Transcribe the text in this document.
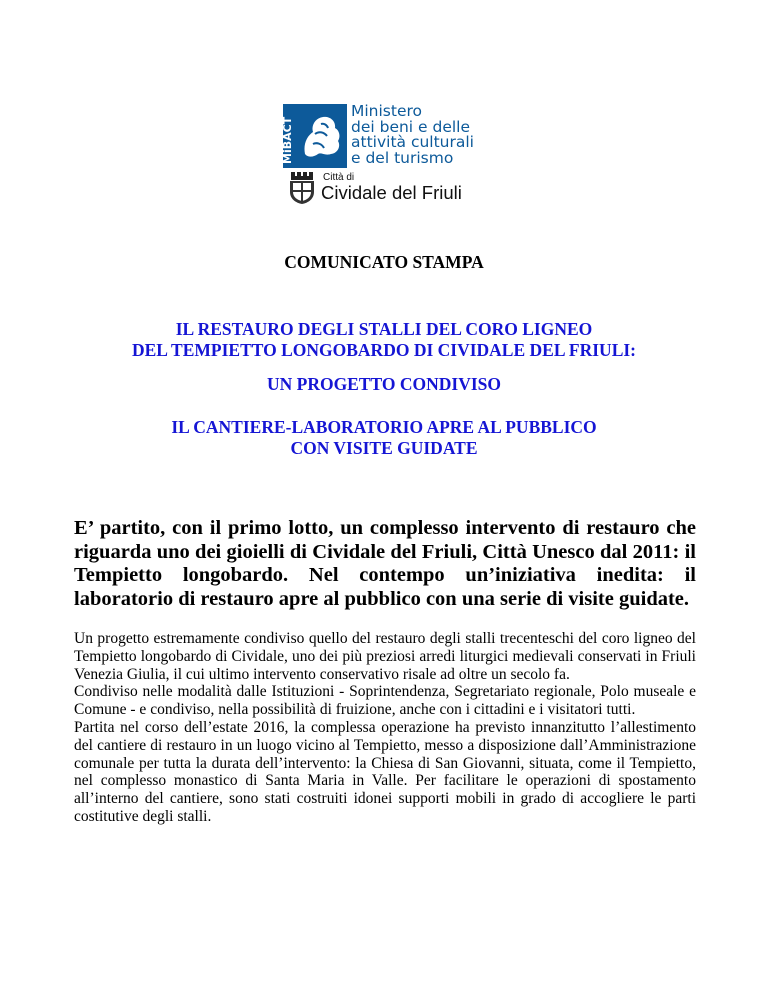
MiBACT
Ministero
dei beni e delle
attività culturali
e del turismo
Città di
Cividale del Friuli
COMUNICATO STAMPA
IL RESTAURO DEGLI STALLI DEL CORO LIGNEO
DEL TEMPIETTO LONGOBARDO DI CIVIDALE DEL FRIULI:
UN PROGETTO CONDIVISO
IL CANTIERE-LABORATORIO APRE AL PUBBLICO
CON VISITE GUIDATE

E’ partito, con il primo lotto, un complesso intervento di restauro che riguarda uno dei gioielli di Cividale del Friuli, Città Unesco dal 2011: il Tempietto longobardo. Nel contempo un’iniziativa inedita: il laboratorio di restauro apre al pubblico con una serie di visite guidate.

Un progetto estremamente condiviso quello del restauro degli stalli trecenteschi del coro ligneo del Tempietto longobardo di Cividale, uno dei più preziosi arredi liturgici medievali conservati in Friuli Venezia Giulia, il cui ultimo intervento conservativo risale ad oltre un secolo fa.

Condiviso nelle modalità dalle Istituzioni - Soprintendenza, Segretariato regionale, Polo museale e Comune - e condiviso, nella possibilità di fruizione, anche con i cittadini e i visitatori tutti.

Partita nel corso dell’estate 2016, la complessa operazione ha previsto innanzitutto l’allestimento del cantiere di restauro in un luogo vicino al Tempietto, messo a disposizione dall’Amministrazione comunale per tutta la durata dell’intervento: la Chiesa di San Giovanni, situata, come il Tempietto, nel complesso monastico di Santa Maria in Valle. Per facilitare le operazioni di spostamento all’interno del cantiere, sono stati costruiti idonei supporti mobili in grado di accogliere le parti costitutive degli stalli.
